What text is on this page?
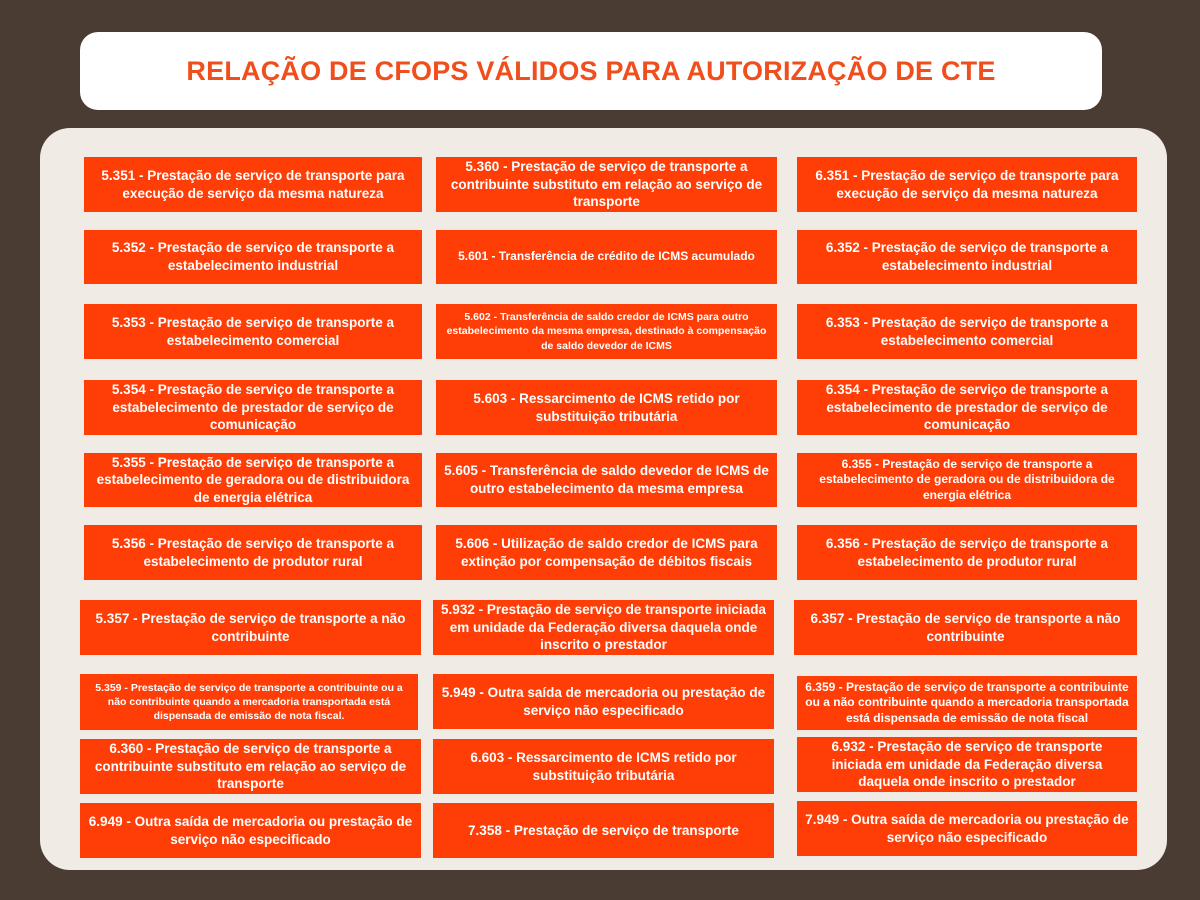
RELAÇÃO DE CFOPS VÁLIDOS PARA AUTORIZAÇÃO DE CTE
5.351 - Prestação de serviço de transporte para execução de serviço da mesma natureza
5.352 - Prestação de serviço de transporte a estabelecimento industrial
5.353 - Prestação de serviço de transporte a estabelecimento comercial
5.354 - Prestação de serviço de transporte a estabelecimento de prestador de serviço de comunicação
5.355 - Prestação de serviço de transporte a estabelecimento de geradora ou de distribuidora de energia elétrica
5.356 - Prestação de serviço de transporte a estabelecimento de produtor rural
5.357 - Prestação de serviço de transporte a não contribuinte
5.359 - Prestação de serviço de transporte a contribuinte ou a não contribuinte quando a mercadoria transportada está dispensada de emissão de nota fiscal.
6.360 - Prestação de serviço de transporte a contribuinte substituto em relação ao serviço de transporte
6.949 - Outra saída de mercadoria ou prestação de serviço não especificado
5.360 - Prestação de serviço de transporte a contribuinte substituto em relação ao serviço de transporte
5.601 - Transferência de crédito de ICMS acumulado
5.602 - Transferência de saldo credor de ICMS para outro estabelecimento da mesma empresa, destinado à compensação de saldo devedor de ICMS
5.603 - Ressarcimento de ICMS retido por substituição tributária
5.605 - Transferência de saldo devedor de ICMS de outro estabelecimento da mesma empresa
5.606 - Utilização de saldo credor de ICMS para extinção por compensação de débitos fiscais
5.932 - Prestação de serviço de transporte iniciada em unidade da Federação diversa daquela onde inscrito o prestador
5.949 - Outra saída de mercadoria ou prestação de serviço não especificado
6.603 - Ressarcimento de ICMS retido por substituição tributária
7.358 - Prestação de serviço de transporte
6.351 - Prestação de serviço de transporte para execução de serviço da mesma natureza
6.352 - Prestação de serviço de transporte a estabelecimento industrial
6.353 - Prestação de serviço de transporte a estabelecimento comercial
6.354 - Prestação de serviço de transporte a estabelecimento de prestador de serviço de comunicação
6.355 - Prestação de serviço de transporte a estabelecimento de geradora ou de distribuidora de energia elétrica
6.356 - Prestação de serviço de transporte a estabelecimento de produtor rural
6.357 - Prestação de serviço de transporte a não contribuinte
6.359 - Prestação de serviço de transporte a contribuinte ou a não contribuinte quando a mercadoria transportada está dispensada de emissão de nota fiscal
6.932 - Prestação de serviço de transporte iniciada em unidade da Federação diversa daquela onde inscrito o prestador
7.949 - Outra saída de mercadoria ou prestação de serviço não especificado
